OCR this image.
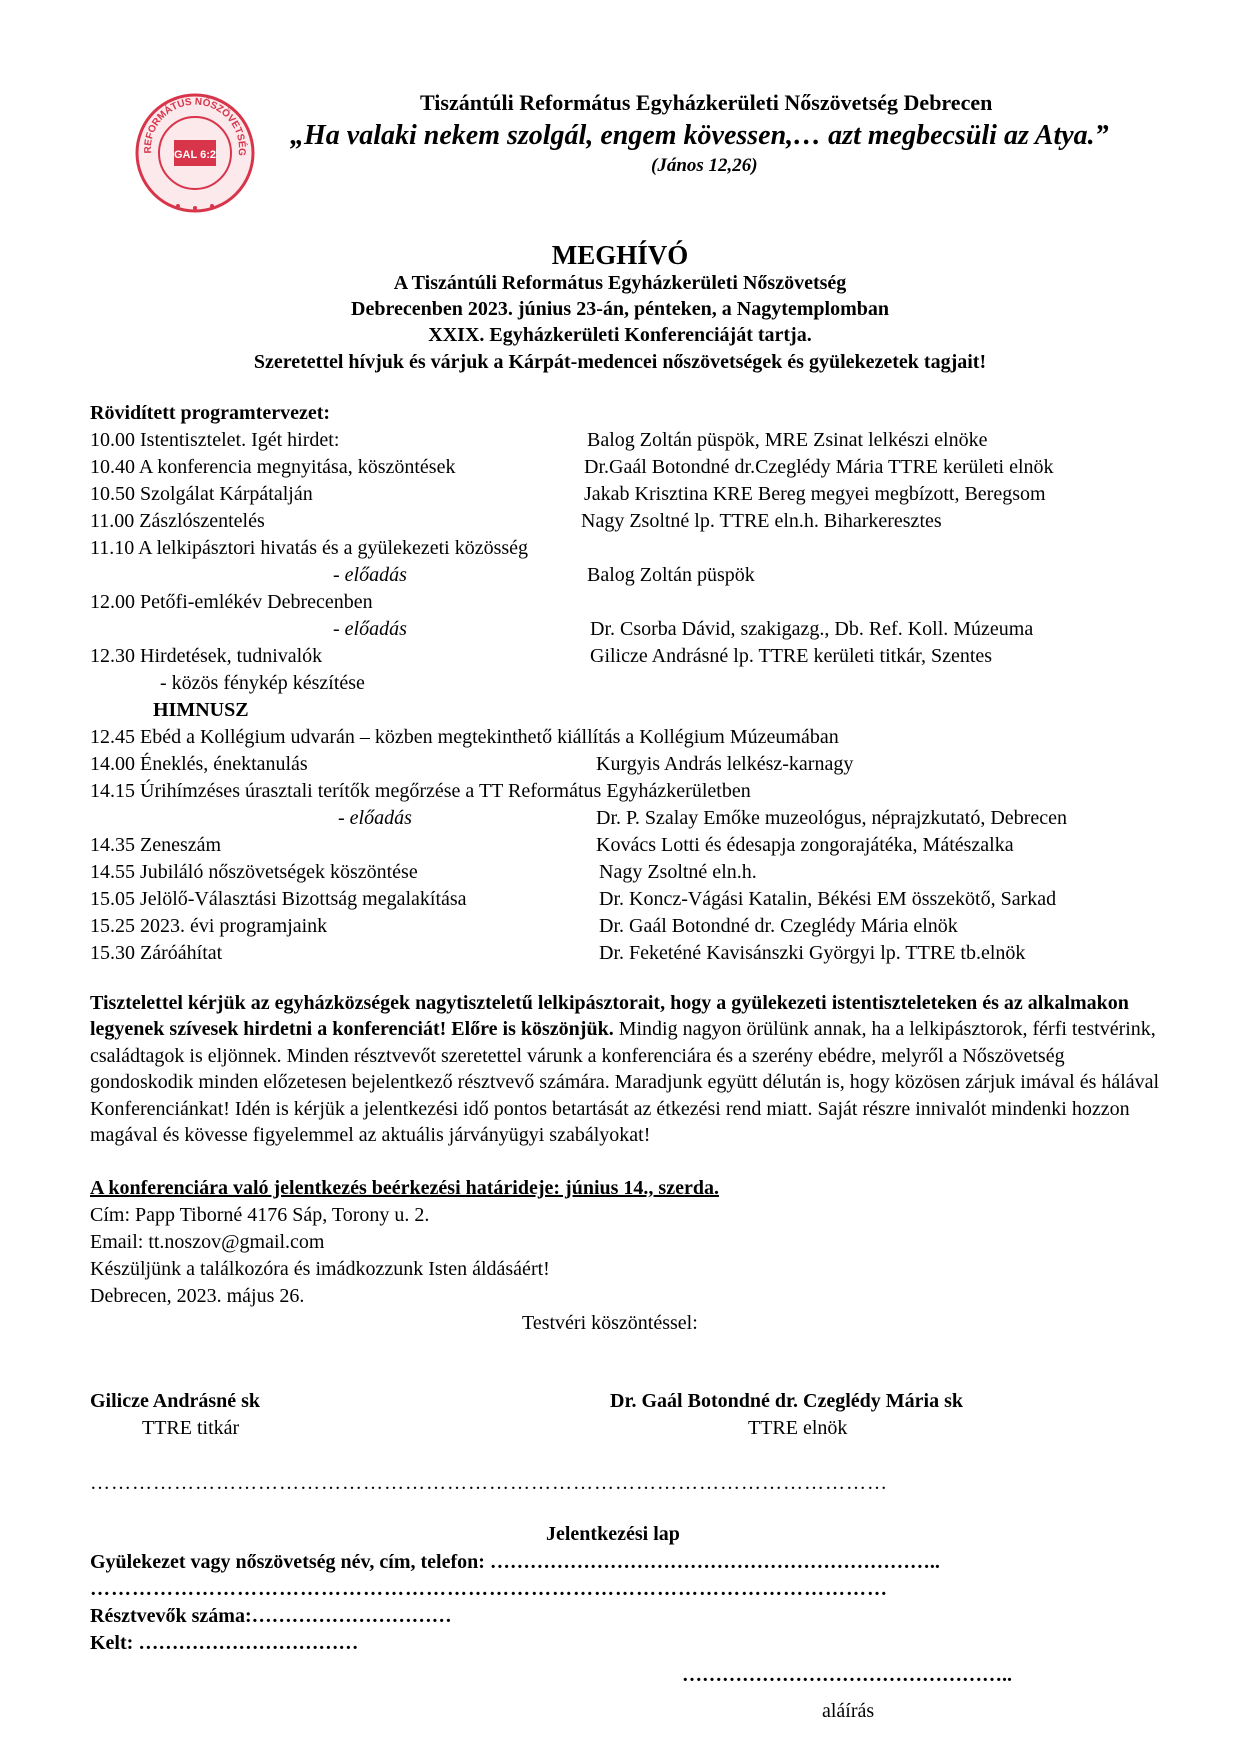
REFORMÁTUS NŐSZÖVETSÉG
GAL 6:2
Tiszántúli Református Egyházkerületi Nőszövetség Debrecen
„Ha valaki nekem szolgál, engem kövessen,… azt megbecsüli az Atya.”
(János 12,26)
MEGHÍVÓ
A Tiszántúli Református Egyházkerületi Nőszövetség
Debrecenben 2023. június 23-án, pénteken, a Nagytemplomban
XXIX. Egyházkerületi Konferenciáját tartja.
Szeretettel hívjuk és várjuk a Kárpát-medencei nőszövetségek és gyülekezetek tagjait!
Rövidített programtervezet:
10.00 Istentisztelet. Igét hirdet:	Balog Zoltán püspök, MRE Zsinat lelkészi elnöke
10.40 A konferencia megnyitása, köszöntések	Dr.Gaál Botondné dr.Czeglédy Mária TTRE kerületi elnök
10.50 Szolgálat Kárpátalján	Jakab Krisztina KRE Bereg megyei megbízott, Beregsom
11.00 Zászlószentelés	Nagy Zsoltné lp. TTRE eln.h. Biharkeresztes
11.10 A lelkipásztori hivatás és a gyülekezeti közösség
- előadás	Balog Zoltán püspök
12.00 Petőfi-emlékév Debrecenben
- előadás	Dr. Csorba Dávid, szakigazg., Db. Ref. Koll. Múzeuma
12.30 Hirdetések, tudnivalók	Gilicze Andrásné lp. TTRE kerületi titkár, Szentes
- közös fénykép készítése
HIMNUSZ
12.45 Ebéd a Kollégium udvarán – közben megtekinthető kiállítás a Kollégium Múzeumában
14.00 Éneklés, énektanulás	Kurgyis András lelkész-karnagy
14.15 Úrihímzéses úrasztali terítők megőrzése a TT Református Egyházkerületben
- előadás	Dr. P. Szalay Emőke muzeológus, néprajzkutató, Debrecen
14.35 Zeneszám	Kovács Lotti és édesapja zongorajátéka, Mátészalka
14.55 Jubiláló nőszövetségek köszöntése	Nagy Zsoltné eln.h.
15.05 Jelölő-Választási Bizottság megalakítása	Dr. Koncz-Vágási Katalin, Békési EM összekötő, Sarkad
15.25 2023. évi programjaink	Dr. Gaál Botondné dr. Czeglédy Mária elnök
15.30 Záróáhítat	Dr. Feketéné Kavisánszki Györgyi lp. TTRE tb.elnök
Tisztelettel kérjük az egyházközségek nagytiszteletű lelkipásztorait, hogy a gyülekezeti istentiszteleteken és az alkalmakon legyenek szívesek hirdetni a konferenciát! Előre is köszönjük. Mindig nagyon örülünk annak, ha a lelkipásztorok, férfi testvérink, családtagok is eljönnek. Minden résztvevőt szeretettel várunk a konferenciára és a szerény ebédre, melyről a Nőszövetség gondoskodik minden előzetesen bejelentkező résztvevő számára. Maradjunk együtt délután is, hogy közösen zárjuk imával és hálával Konferenciánkat! Idén is kérjük a jelentkezési idő pontos betartását az étkezési rend miatt. Saját részre innivalót mindenki hozzon magával és kövesse figyelemmel az aktuális járványügyi szabályokat!
A konferenciára való jelentkezés beérkezési határideje: június 14., szerda.
Cím: Papp Tiborné 4176 Sáp, Torony u. 2.
Email: tt.noszov@gmail.com
Készüljünk a találkozóra és imádkozzunk Isten áldásáért!
Debrecen, 2023. május 26.
Testvéri köszöntéssel:
Gilicze Andrásné sk
TTRE titkár
Dr. Gaál Botondné dr. Czeglédy Mária sk
TTRE elnök
……………………………………………………………………………………………………
Jelentkezési lap
Gyülekezet vagy nőszövetség név, cím, telefon: …………………………………………………………..
……………………………………………………………………………………………………
Résztvevők száma:…………………………
Kelt: ……………………………
…………………………………………..
aláírás
